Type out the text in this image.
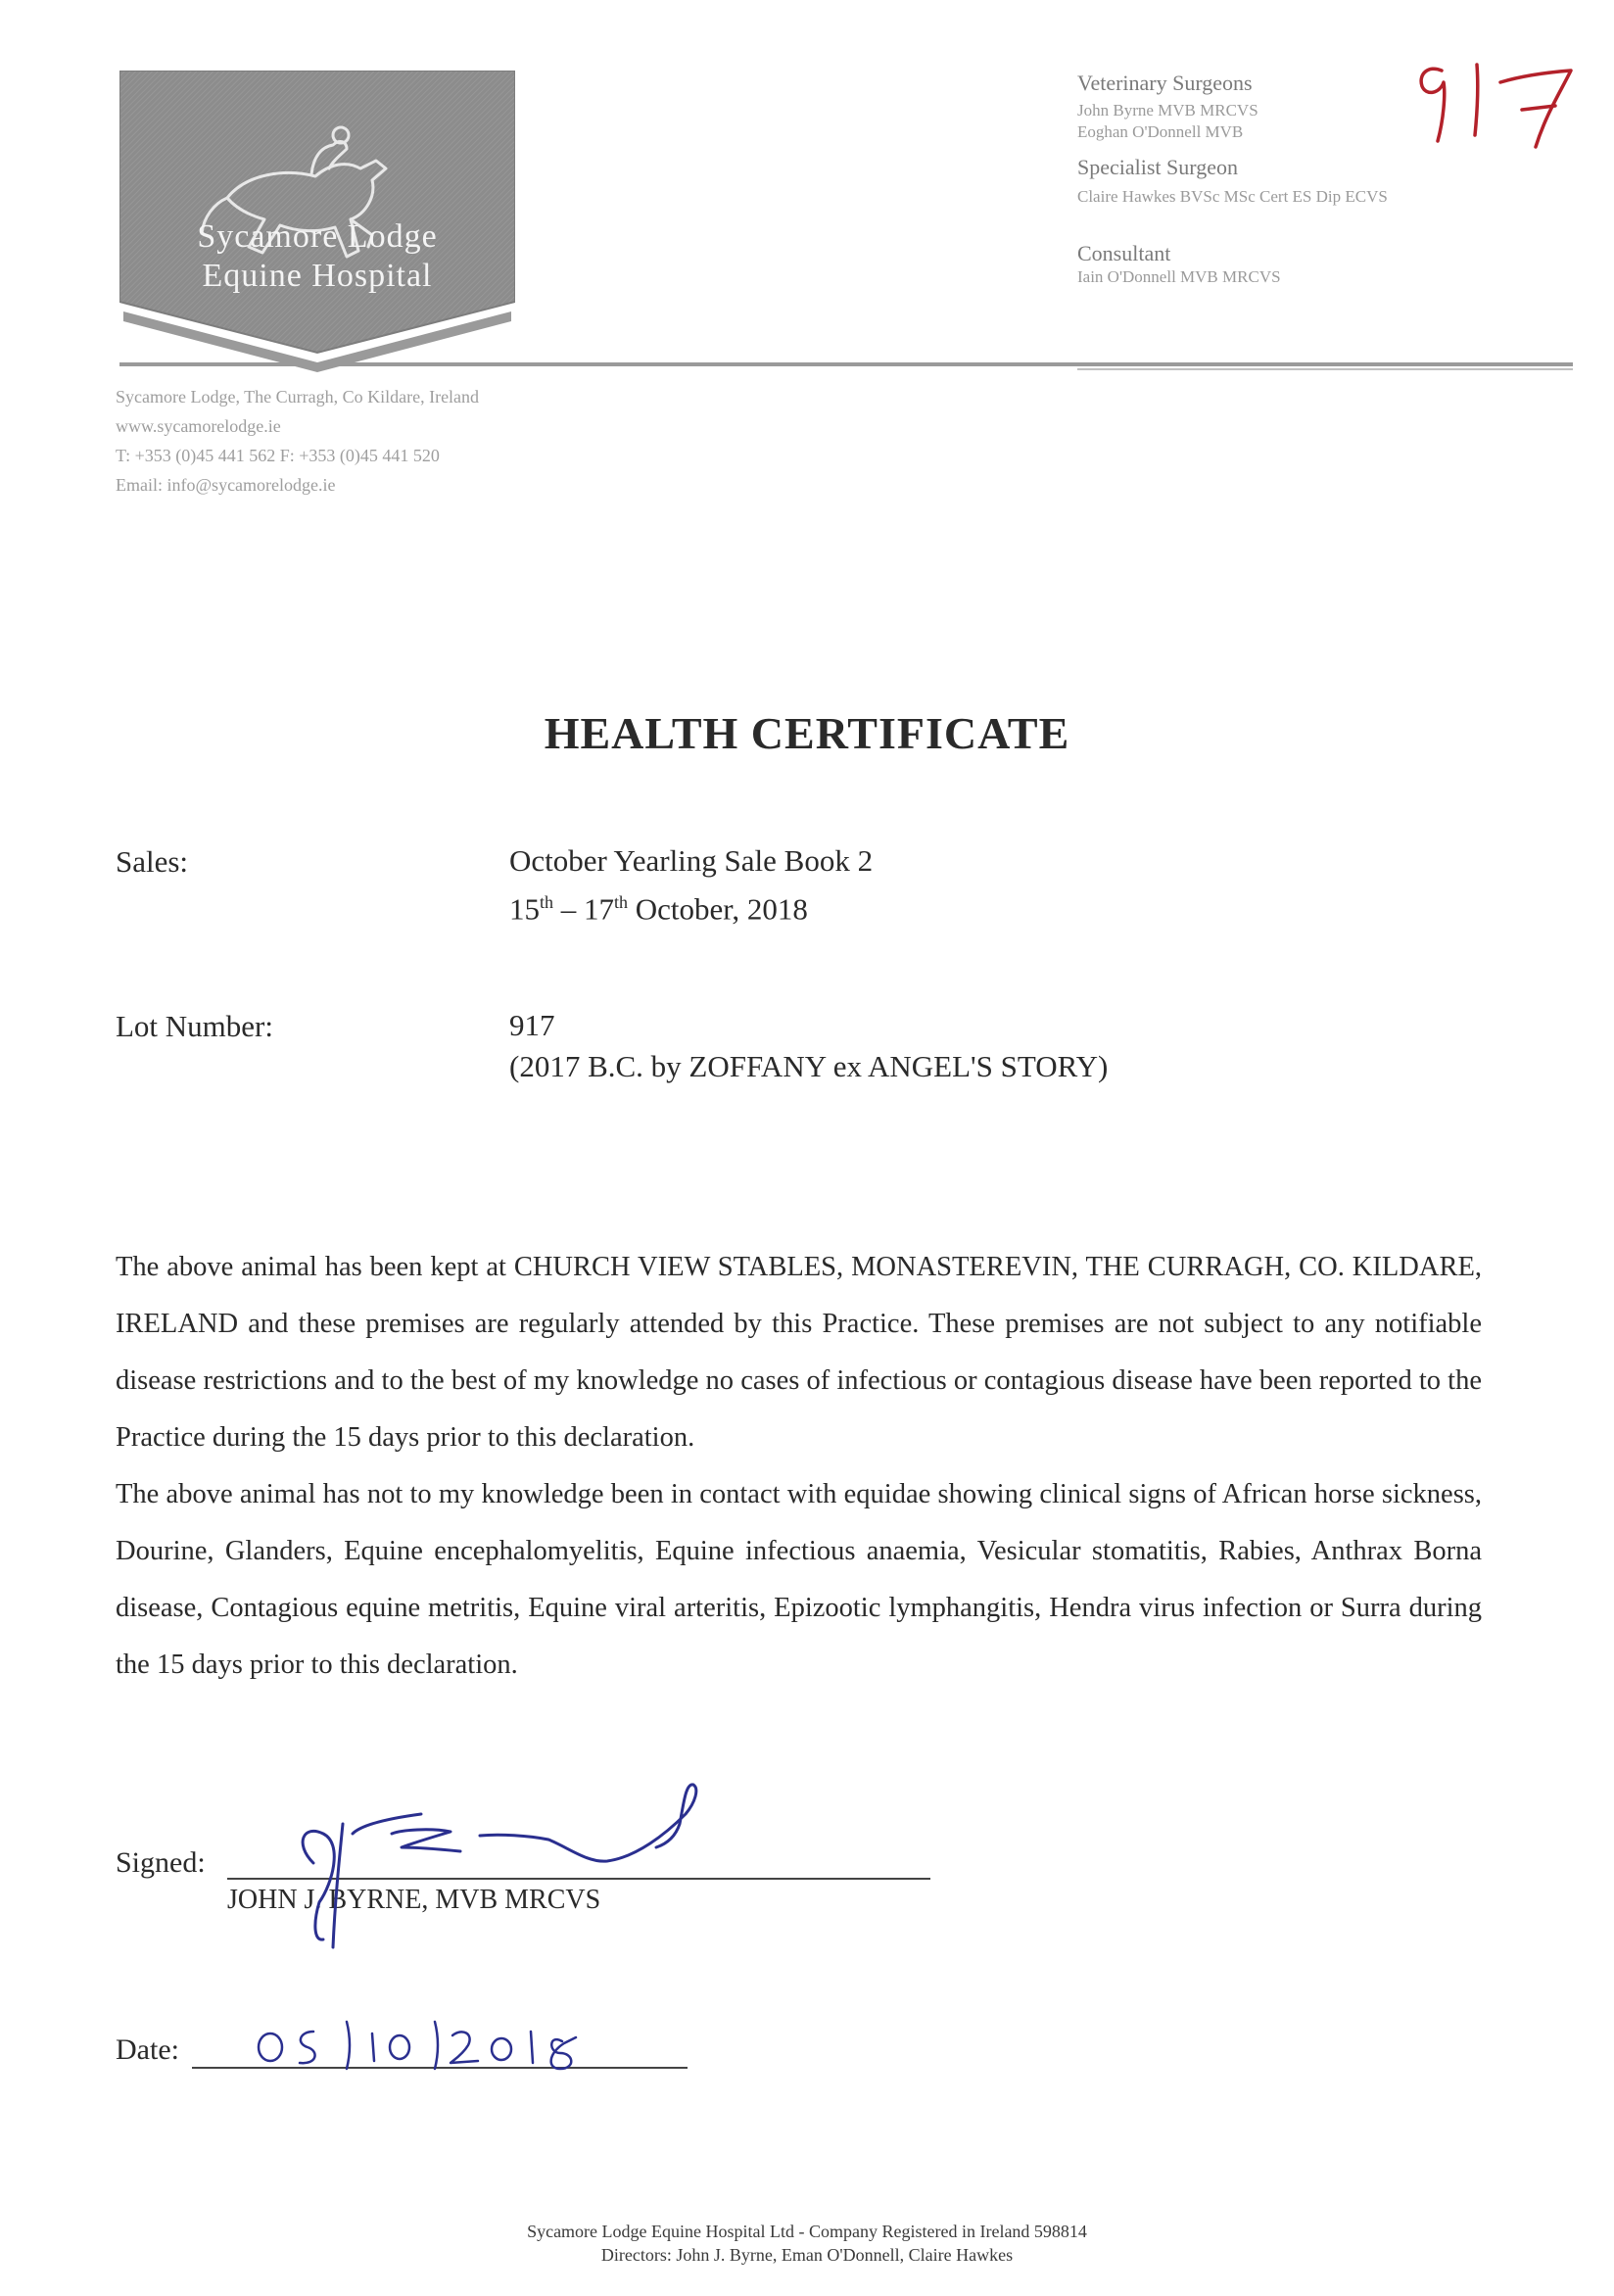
Sycamore Lodge
Equine Hospital
Veterinary Surgeons
John Byrne MVB MRCVS
Eoghan O'Donnell MVB
Specialist Surgeon
Claire Hawkes BVSc MSc Cert ES Dip ECVS
Consultant
Iain O'Donnell MVB MRCVS
Sycamore Lodge, The Curragh, Co Kildare, Ireland
www.sycamorelodge.ie
T: +353 (0)45 441 562 F: +353 (0)45 441 520
Email: info@sycamorelodge.ie
HEALTH CERTIFICATE
Sales:	October Yearling Sale Book 2
15th – 17th October, 2018
Lot Number:	917
(2017 B.C. by ZOFFANY ex ANGEL'S STORY)

The above animal has been kept at CHURCH VIEW STABLES, MONASTEREVIN, THE CURRAGH, CO. KILDARE, IRELAND and these premises are regularly attended by this Practice. These premises are not subject to any notifiable disease restrictions and to the best of my knowledge no cases of infectious or contagious disease have been reported to the Practice during the 15 days prior to this declaration.

The above animal has not to my knowledge been in contact with equidae showing clinical signs of African horse sickness, Dourine, Glanders, Equine encephalomyelitis, Equine infectious anaemia, Vesicular stomatitis, Rabies, Anthrax Borna disease, Contagious equine metritis, Equine viral arteritis, Epizootic lymphangitis, Hendra virus infection or Surra during the 15 days prior to this declaration.

Signed:
JOHN J. BYRNE, MVB MRCVS
Date:
Sycamore Lodge Equine Hospital Ltd - Company Registered in Ireland 598814
Directors: John J. Byrne, Eman O'Donnell, Claire Hawkes
